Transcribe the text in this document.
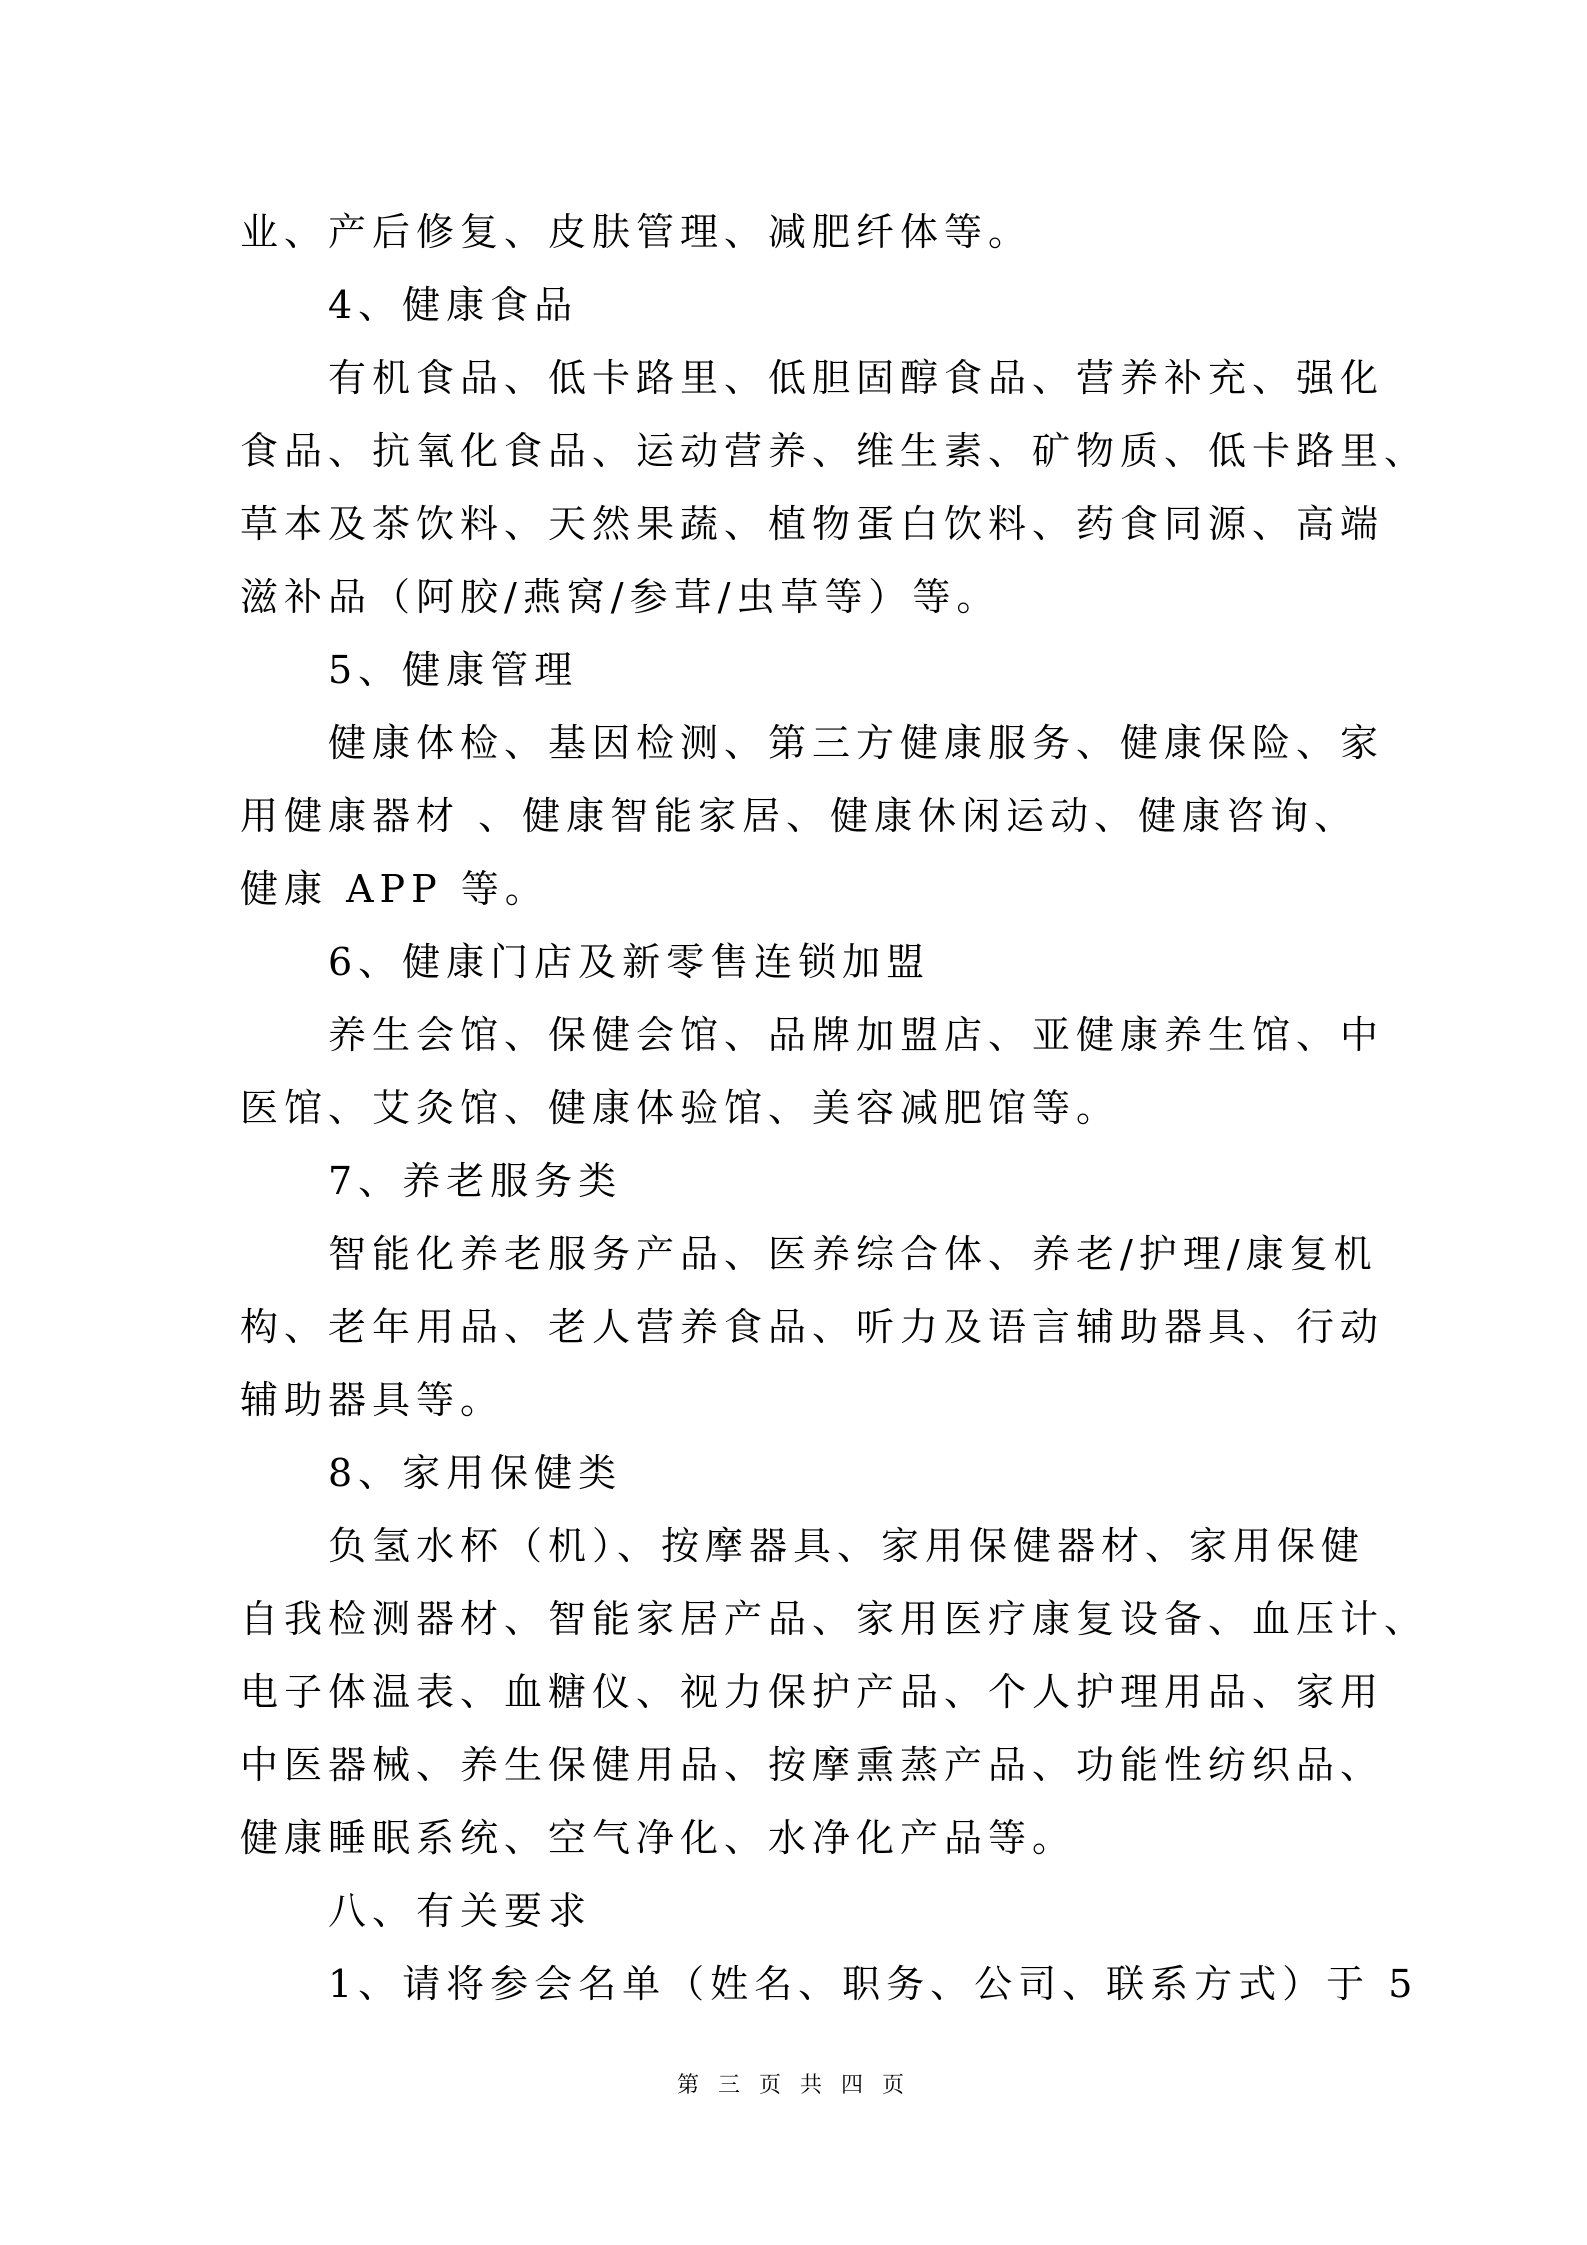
业、产后修复、皮肤管理、减肥纤体等。
4、健康食品
有机食品、低卡路里、低胆固醇食品、营养补充、强化
食品、抗氧化食品、运动营养、维生素、矿物质、低卡路里、
草本及茶饮料、天然果蔬、植物蛋白饮料、药食同源、高端
滋补品（阿胶/燕窝/参茸/虫草等）等。
5、健康管理
健康体检、基因检测、第三方健康服务、健康保险、家
用健康器材 、健康智能家居、健康休闲运动、健康咨询、
健康 APP 等。
6、健康门店及新零售连锁加盟
养生会馆、保健会馆、品牌加盟店、亚健康养生馆、中
医馆、艾灸馆、健康体验馆、美容减肥馆等。
7、养老服务类
智能化养老服务产品、医养综合体、养老/护理/康复机
构、老年用品、老人营养食品、听力及语言辅助器具、行动
辅助器具等。
8、家用保健类
负氢水杯（机）、按摩器具、家用保健器材、家用保健
自我检测器材、智能家居产品、家用医疗康复设备、血压计、
电子体温表、血糖仪、视力保护产品、个人护理用品、家用
中医器械、养生保健用品、按摩熏蒸产品、功能性纺织品、
健康睡眠系统、空气净化、水净化产品等。
八、有关要求
1、请将参会名单（姓名、职务、公司、联系方式）于 5
第 三 页 共 四 页
